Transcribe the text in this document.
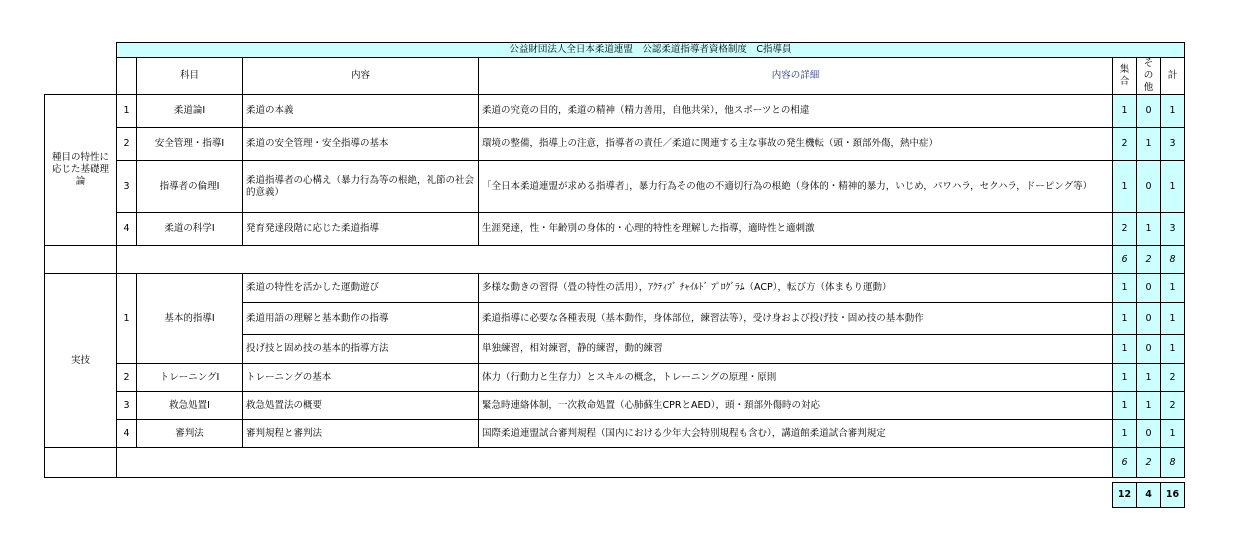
	公益財団法人全日本柔道連盟　公認柔道指導者資格制度　C指導員						
		科目	内容	内容の詳細	集合	その他	計
種目の特性に応じた基礎理論	1	柔道論Ⅰ	柔道の本義	柔道の究竟の目的，柔道の精神（精力善用，自他共栄），他スポーツとの相違	1	0	1
	2	安全管理・指導Ⅰ	柔道の安全管理・安全指導の基本	環境の整備，指導上の注意，指導者の責任／柔道に関連する主な事故の発生機転（頭・頚部外傷，熱中症）	2	1	3
	3	指導者の倫理Ⅰ	柔道指導者の心構え（暴力行為等の根絶，礼節の社会的意義）	「全日本柔道連盟が求める指導者」，暴力行為その他の不適切行為の根絶（身体的・精神的暴力，いじめ，パワハラ，セクハラ，ドーピング等）	1	0	1
	4	柔道の科学Ⅰ	発育発達段階に応じた柔道指導	生涯発達，性・年齢別の身体的・心理的特性を理解した指導，適時性と適刺激	2	1	3
					6	2	8
実技	1	基本的指導Ⅰ	柔道の特性を活かした運動遊び	多様な動きの習得（畳の特性の活用），ｱｸﾃｨﾌﾞ ﾁｬｲﾙﾄﾞ ﾌﾟﾛｸﾞﾗﾑ（ACP），転び方（体まもり運動）	1	0	1
			柔道用語の理解と基本動作の指導	柔道指導に必要な各種表現（基本動作，身体部位，練習法等），受け身および投げ技・固め技の基本動作	1	0	1
			投げ技と固め技の基本的指導方法	単独練習，相対練習，静的練習，動的練習	1	0	1
	2	トレーニングⅠ	トレーニングの基本	体力（行動力と生存力）とスキルの概念，トレーニングの原理・原則	1	1	2
	3	救急処置Ⅰ	救急処置法の概要	緊急時連絡体制，一次救命処置（心肺蘇生CPRとAED），頭・頚部外傷時の対応	1	1	2
	4	審判法	審判規程と審判法	国際柔道連盟試合審判規程（国内における少年大会特別規程も含む），講道館柔道試合審判規定	1	0	1
					6	2	8

					12	4	16
